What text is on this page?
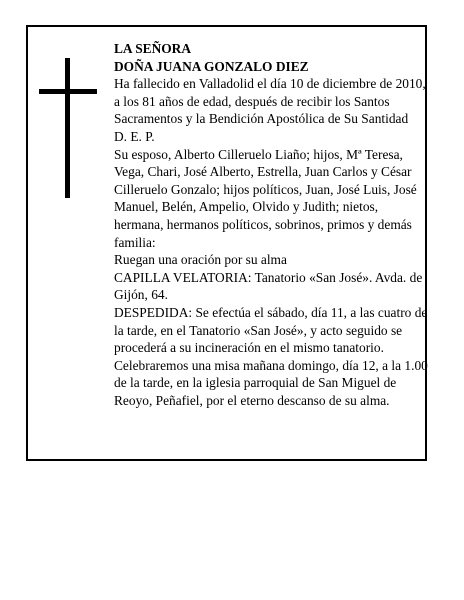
LA SEÑORA

DOÑA JUANA GONZALO DIEZ

Ha fallecido en Valladolid el día 10 de diciembre de 2010, a los 81 años de edad, después de recibir los Santos Sacramentos y la Bendición Apostólica de Su Santidad

D. E. P.

Su esposo, Alberto Cilleruelo Liaño; hijos, Mª Teresa, Vega, Chari, José Alberto, Estrella, Juan Carlos y César Cilleruelo Gonzalo; hijos políticos, Juan, José Luis, José Manuel, Belén, Ampelio, Olvido y Judith; nietos, hermana, hermanos políticos, sobrinos, primos y demás familia:

Ruegan una oración por su alma

CAPILLA VELATORIA: Tanatorio «San José». Avda. de Gijón, 64.

DESPEDIDA: Se efectúa el sábado, día 11, a las cuatro de la tarde, en el Tanatorio «San José», y acto seguido se procederá a su incineración en el mismo tanatorio.

Celebraremos una misa mañana domingo, día 12, a la 1.00 de la tarde, en la iglesia parroquial de San Miguel de Reoyo, Peñafiel, por el eterno descanso de su alma.
